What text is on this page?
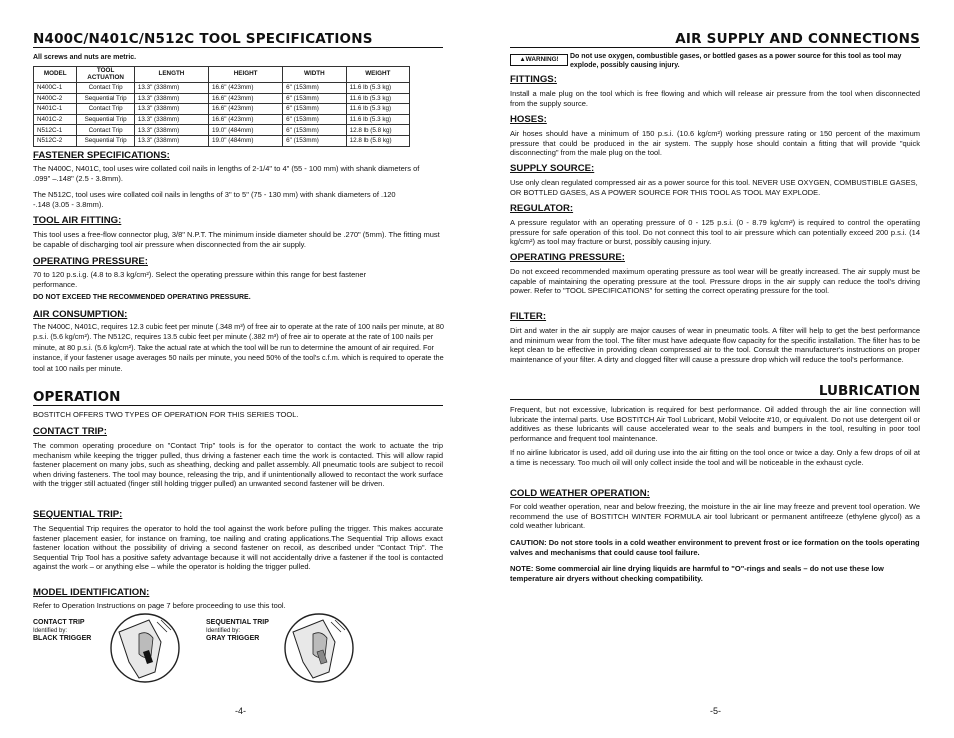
N400C/N401C/N512C TOOL SPECIFICATIONS

All screws and nuts are metric.

MODEL	TOOL ACTUATION	LENGTH	HEIGHT	WIDTH	WEIGHT
N400C-1	Contact Trip	13.3" (338mm)	16.6" (423mm)	6" (153mm)	11.6 lb (5.3 kg)
N400C-2	Sequential Trip	13.3" (338mm)	16.6" (423mm)	6" (153mm)	11.6 lb (5.3 kg)
N401C-1	Contact Trip	13.3" (338mm)	16.6" (423mm)	6" (153mm)	11.6 lb (5.3 kg)
N401C-2	Sequential Trip	13.3" (338mm)	16.6" (423mm)	6" (153mm)	11.6 lb (5.3 kg)
N512C-1	Contact Trip	13.3" (338mm)	19.0" (484mm)	6" (153mm)	12.8 lb (5.8 kg)
N512C-2	Sequential Trip	13.3" (338mm)	19.0" (484mm)	6" (153mm)	12.8 lb (5.8 kg)
FASTENER SPECIFICATIONS:

The N400C, N401C, tool uses wire collated coil nails in lengths of 2-1/4" to 4" (55 - 100 mm) with shank diameters of .099" –.148" (2.5 - 3.8mm).

The N512C, tool uses wire collated coil nails in lengths of 3" to 5" (75 - 130 mm) with shank diameters of .120 -.148 (3.05 - 3.8mm).

TOOL AIR FITTING:

This tool uses a free-flow connector plug, 3/8" N.P.T. The minimum inside diameter should be .270" (5mm). The fitting must be capable of discharging tool air pressure when disconnected from the air supply.

OPERATING PRESSURE:

70 to 120 p.s.i.g. (4.8 to 8.3 kg/cm²). Select the operating pressure within this range for best fastener performance.

DO NOT EXCEED THE RECOMMENDED OPERATING PRESSURE.

AIR CONSUMPTION:

The N400C, N401C, requires 12.3 cubic feet per minute (.348 m³) of free air to operate at the rate of 100 nails per minute, at 80 p.s.i. (5.6 kg/cm²). The N512C, requires 13.5 cubic feet per minute (.382 m³) of free air to operate at the rate of 100 nails per minute, at 80 p.s.i. (5.6 kg/cm²). Take the actual rate at which the tool will be run to determine the amount of air required. For instance, if your fastener usage averages 50 nails per minute, you need 50% of the tool's c.f.m. which is required to operate the tool at 100 nails per minute.

OPERATION

BOSTITCH OFFERS TWO TYPES OF OPERATION FOR THIS SERIES TOOL.

CONTACT TRIP:

The common operating procedure on "Contact Trip" tools is for the operator to contact the work to actuate the trip mechanism while keeping the trigger pulled, thus driving a fastener each time the work is contacted. This will allow rapid fastener placement on many jobs, such as sheathing, decking and pallet assembly. All pneumatic tools are subject to recoil when driving fasteners. The tool may bounce, releasing the trip, and if unintentionally allowed to recontact the work surface with the trigger still actuated (finger still holding trigger pulled) an unwanted second fastener will be driven.

SEQUENTIAL TRIP:

The Sequential Trip requires the operator to hold the tool against the work before pulling the trigger. This makes accurate fastener placement easier, for instance on framing, toe nailing and crating applications.The Sequential Trip allows exact fastener location without the possibility of driving a second fastener on recoil, as described under "Contact Trip". The Sequential Trip Tool has a positive safety advantage because it will not accidentally drive a fastener if the tool is contacted against the work – or anything else – while the operator is holding the trigger pulled.

MODEL IDENTIFICATION:

Refer to Operation Instructions on page 7 before proceeding to use this tool.

CONTACT TRIP
Identified by:
BLACK TRIGGER
SEQUENTIAL TRIP
Identified by:
GRAY TRIGGER
-4-
AIR SUPPLY AND CONNECTIONS
▲WARNING!	Do not use oxygen, combustible gases, or bottled gases as a power source for this tool as tool may explode, possibly causing injury.

FITTINGS:

Install a male plug on the tool which is free flowing and which will release air pressure from the tool when disconnected from the supply source.

HOSES:

Air hoses should have a minimum of 150 p.s.i. (10.6 kg/cm²) working pressure rating or 150 percent of the maximum pressure that could be produced in the air system. The supply hose should contain a fitting that will provide "quick disconnecting" from the male plug on the tool.

SUPPLY SOURCE:

Use only clean regulated compressed air as a power source for this tool. NEVER USE OXYGEN, COMBUSTIBLE GASES, OR BOTTLED GASES, AS A POWER SOURCE FOR THIS TOOL AS TOOL MAY EXPLODE.

REGULATOR:

A pressure regulator with an operating pressure of 0 - 125 p.s.i. (0 - 8.79 kg/cm²) is required to control the operatiing pressure for safe operation of this tool. Do not connect this tool to air pressure which can potentially exceed 200 p.s.i. (14 kg/cm²) as tool may fracture or burst, possibly causing injury.

OPERATING PRESSURE:

Do not exceed recommended maximum operating pressure as tool wear will be greatly increased. The air supply must be capable of maintaining the operating pressure at the tool. Pressure drops in the air supply can reduce the tool's driving power. Refer to "TOOL SPECIFICATIONS" for setting the correct operating pressure for the tool.

FILTER:

Dirt and water in the air supply are major causes of wear in pneumatic tools. A filter will help to get the best performance and minimum wear from the tool. The filter must have adequate flow capacity for the specific installation. The filter has to be kept clean to be effective in providing clean compressed air to the tool. Consult the manufacturer's instructions on proper maintenance of your filter. A dirty and clogged filter will cause a pressure drop which will reduce the tool's performance.

LUBRICATION

Frequent, but not excessive, lubrication is required for best performance. Oil added through the air line connection will lubricate the internal parts. Use BOSTITCH Air Tool Lubricant, Mobil Velocite #10, or equivalent. Do not use detergent oil or additives as these lubricants will cause accelerated wear to the seals and bumpers in the tool, resulting in poor tool performance and frequent tool maintenance.

If no airline lubricator is used, add oil during use into the air fitting on the tool once or twice a day. Only a few drops of oil at a time is necessary. Too much oil will only collect inside the tool and will be noticeable in the exhaust cycle.

COLD WEATHER OPERATION:

For cold weather operation, near and below freezing, the moisture in the air line may freeze and prevent tool operation. We recommend the use of BOSTITCH WINTER FORMULA air tool lubricant or permanent antifreeze (ethylene glycol) as a cold weather lubricant.

CAUTION: Do not store tools in a cold weather environment to prevent frost or ice formation on the tools operating valves and mechanisms that could cause tool failure.

NOTE: Some commercial air line drying liquids are harmful to "O"-rings and seals – do not use these low temperature air dryers without checking compatibility.

-5-
